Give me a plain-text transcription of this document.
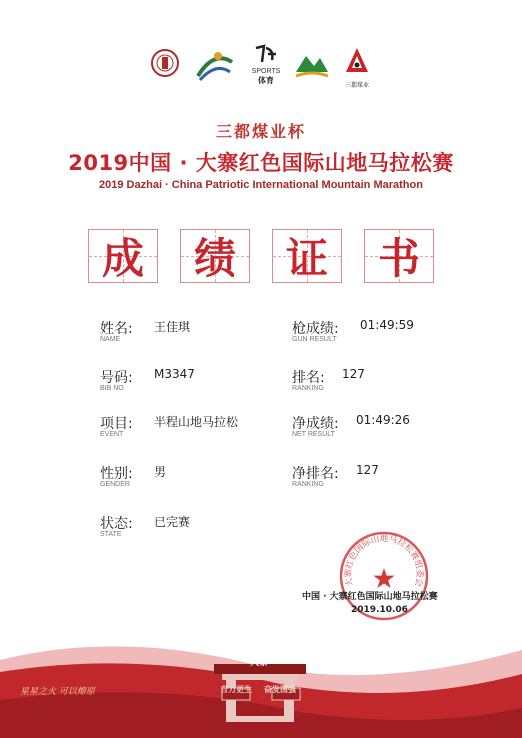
SPORTS
体育
三都煤业
三都煤业杯
2019中国 · 大寨红色国际山地马拉松赛
2019 Dazhai · China Patriotic International Mountain Marathon
成	绩	证	书
姓名:
NAME
王佳琪
号码:
BIB NO
M3347
项目:
EVENT
半程山地马拉松
性别:
GENDER
男
状态:
STATE
已完赛
枪成绩:
GUN RESULT
01:49:59
排名:
RANKING
127
净成绩:
NET RESULT
01:49:26
净排名:
RANKING
127
大寨红色国际山地马拉松赛组委会
中国 · 大寨红色国际山地马拉松赛
2019.10.06
大寨
自力更生 奋发图强
星星之火 可以燎原
